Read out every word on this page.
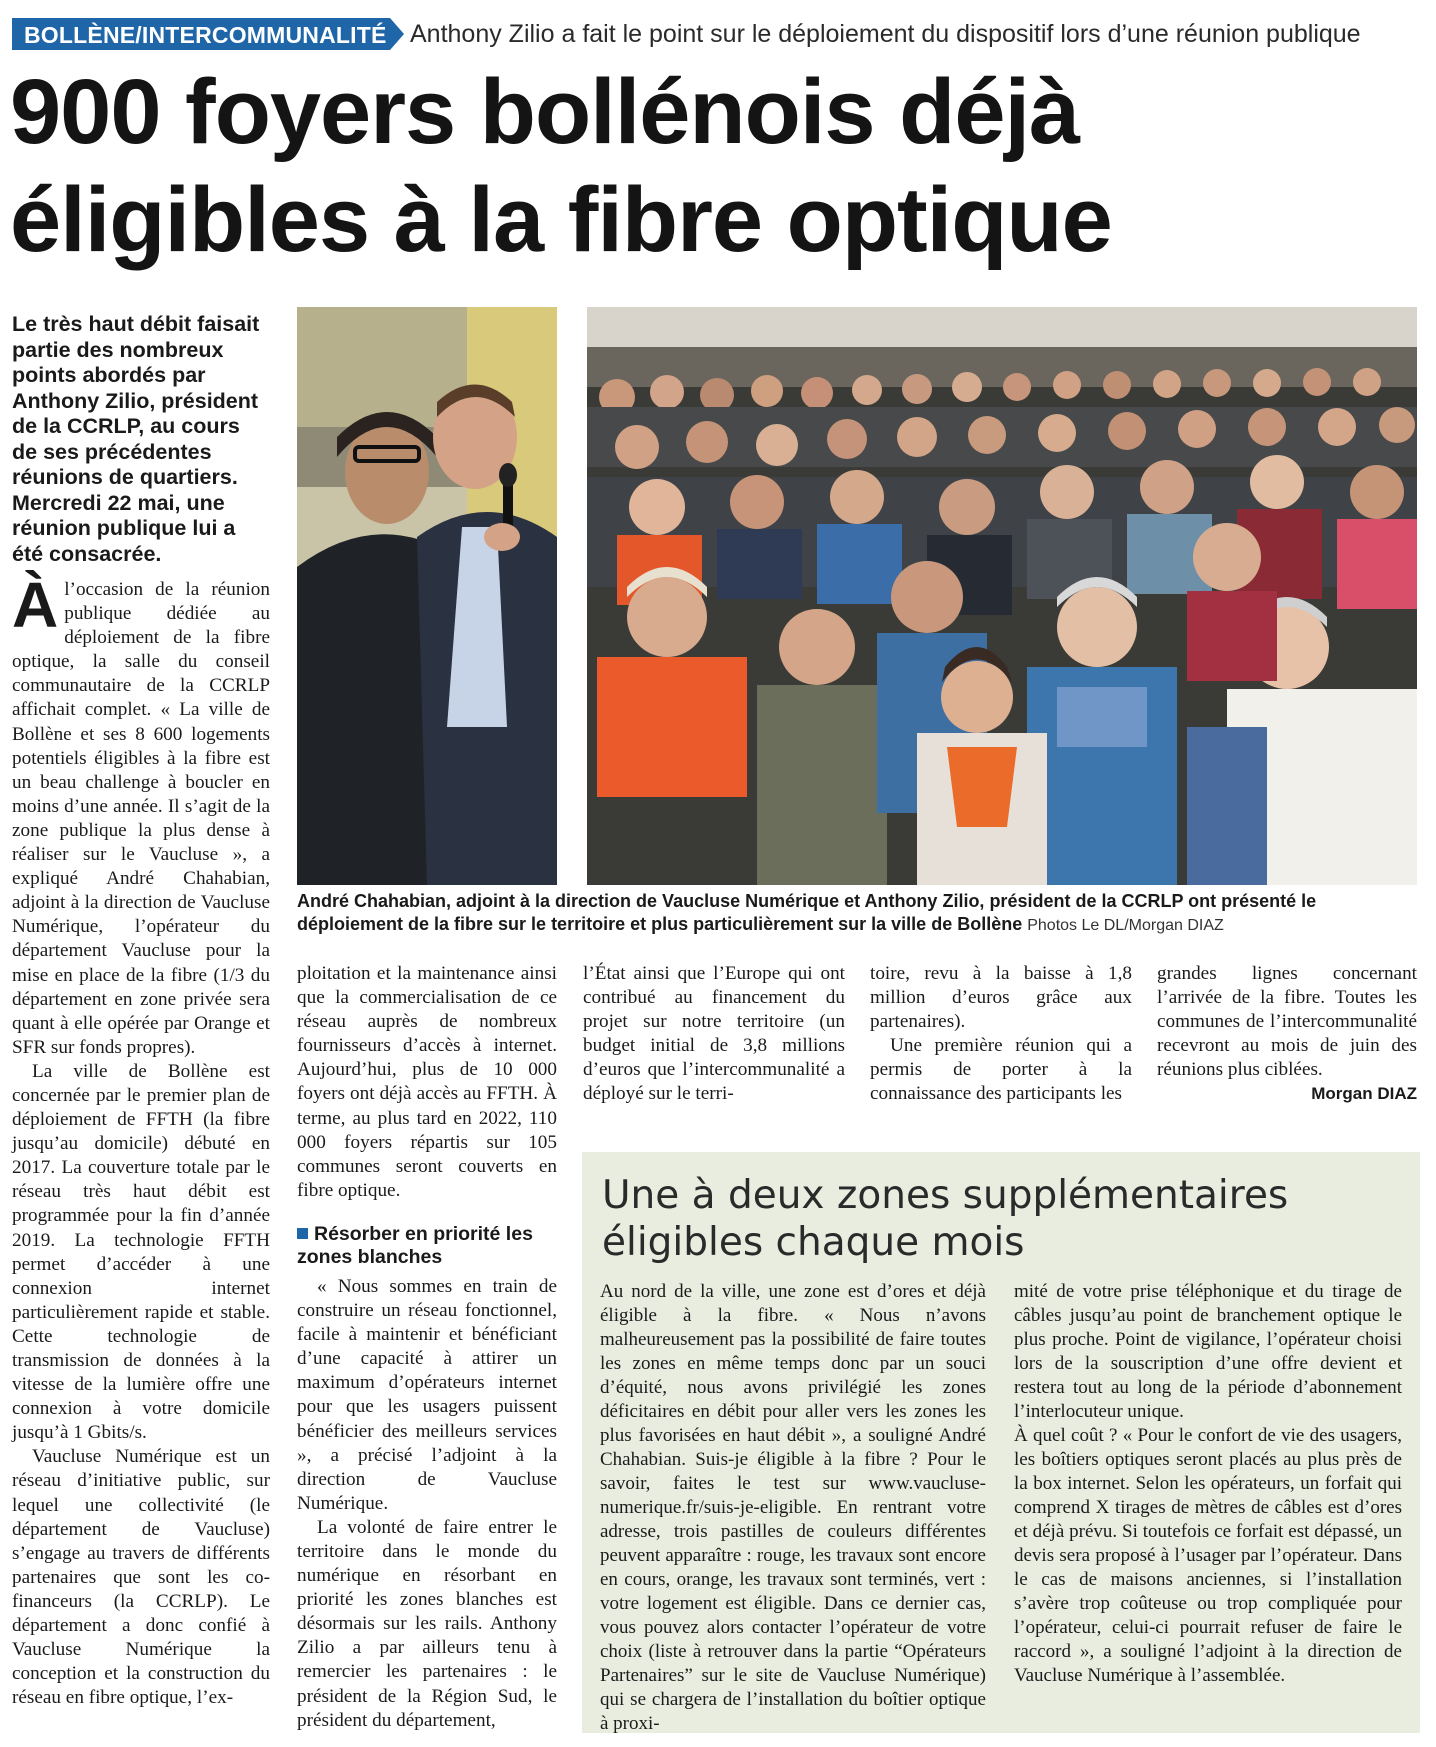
BOLLÈNE/INTERCOMMUNALITÉ Anthony Zilio a fait le point sur le déploiement du dispositif lors d’une réunion publique
900 foyers bollénois déjà
éligibles à la fibre optique
Le très haut débit faisait partie des nombreux points abordés par Anthony Zilio, président de la CCRLP, au cours de ses précédentes réunions de quartiers. Mercredi 22 mai, une réunion publique lui a été consacrée.

Àl’occasion de la réunion publique dédiée au déploiement de la fibre optique, la salle du conseil communautaire de la CCRLP affichait complet. « La ville de Bollène et ses 8 600 logements potentiels éligibles à la fibre est un beau challenge à boucler en moins d’une année. Il s’agit de la zone publique la plus dense à réaliser sur le Vaucluse », a expliqué André Chahabian, adjoint à la direction de Vaucluse Numérique, l’opérateur du département Vaucluse pour la mise en place de la fibre (1/3 du département en zone privée sera quant à elle opérée par Orange et SFR sur fonds propres).

La ville de Bollène est concernée par le premier plan de déploiement de FFTH (la fibre jusqu’au domicile) débuté en 2017. La couverture totale par le réseau très haut débit est programmée pour la fin d’année 2019. La technologie FFTH permet d’accéder à une connexion internet particulièrement rapide et stable. Cette technologie de transmission de données à la vitesse de la lumière offre une connexion à votre domicile jusqu’à 1 Gbits/s.

Vaucluse Numérique est un réseau d’initiative public, sur lequel une collectivité (le département de Vaucluse) s’engage au travers de différents partenaires que sont les co-financeurs (la CCRLP). Le département a donc confié à Vaucluse Numérique la conception et la construction du réseau en fibre optique, l’ex-

André Chahabian, adjoint à la direction de Vaucluse Numérique et Anthony Zilio, président de la CCRLP ont présenté le déploiement de la fibre sur le territoire et plus particulièrement sur la ville de Bollène Photos Le DL/Morgan DIAZ

ploitation et la maintenance ainsi que la commercialisation de ce réseau auprès de nombreux fournisseurs d’accès à internet. Aujourd’hui, plus de 10 000 foyers ont déjà accès au FFTH. À terme, au plus tard en 2022, 110 000 foyers répartis sur 105 communes seront couverts en fibre optique.

Résorber en priorité les zones blanches

« Nous sommes en train de construire un réseau fonctionnel, facile à maintenir et bénéficiant d’une capacité à attirer un maximum d’opérateurs internet pour que les usagers puissent bénéficier des meilleurs services », a précisé l’adjoint à la direction de Vaucluse Numérique.

La volonté de faire entrer le territoire dans le monde du numérique en résorbant en priorité les zones blanches est désormais sur les rails. Anthony Zilio a par ailleurs tenu à remercier les partenaires : le président de la Région Sud, le président du département,

l’État ainsi que l’Europe qui ont contribué au financement du projet sur notre territoire (un budget initial de 3,8 millions d’euros que l’intercommunalité a déployé sur le terri-

toire, revu à la baisse à 1,8 million d’euros grâce aux partenaires).

Une première réunion qui a permis de porter à la connaissance des participants les

grandes lignes concernant l’arrivée de la fibre. Toutes les communes de l’intercommunalité recevront au mois de juin des réunions plus ciblées.

Morgan DIAZ
Une à deux zones supplémentaires
éligibles chaque mois

Au nord de la ville, une zone est d’ores et déjà éligible à la fibre. « Nous n’avons malheureusement pas la possibilité de faire toutes les zones en même temps donc par un souci d’équité, nous avons privilégié les zones déficitaires en débit pour aller vers les zones les plus favorisées en haut débit », a souligné André Chahabian. Suis-je éligible à la fibre ? Pour le savoir, faites le test sur www.vaucluse-numerique.fr/suis-je-eligible. En rentrant votre adresse, trois pastilles de couleurs différentes peuvent apparaître : rouge, les travaux sont encore en cours, orange, les travaux sont terminés, vert : votre logement est éligible. Dans ce dernier cas, vous pouvez alors contacter l’opérateur de votre choix (liste à retrouver dans la partie “Opérateurs Partenaires” sur le site de Vaucluse Numérique) qui se chargera de l’installation du boîtier optique à proxi-

mité de votre prise téléphonique et du tirage de câbles jusqu’au point de branchement optique le plus proche. Point de vigilance, l’opérateur choisi lors de la souscription d’une offre devient et restera tout au long de la période d’abonnement l’interlocuteur unique.

À quel coût ? « Pour le confort de vie des usagers, les boîtiers optiques seront placés au plus près de la box internet. Selon les opérateurs, un forfait qui comprend X tirages de mètres de câbles est d’ores et déjà prévu. Si toutefois ce forfait est dépassé, un devis sera proposé à l’usager par l’opérateur. Dans le cas de maisons anciennes, si l’installation s’avère trop coûteuse ou trop compliquée pour l’opérateur, celui-ci pourrait refuser de faire le raccord », a souligné l’adjoint à la direction de Vaucluse Numérique à l’assemblée.
